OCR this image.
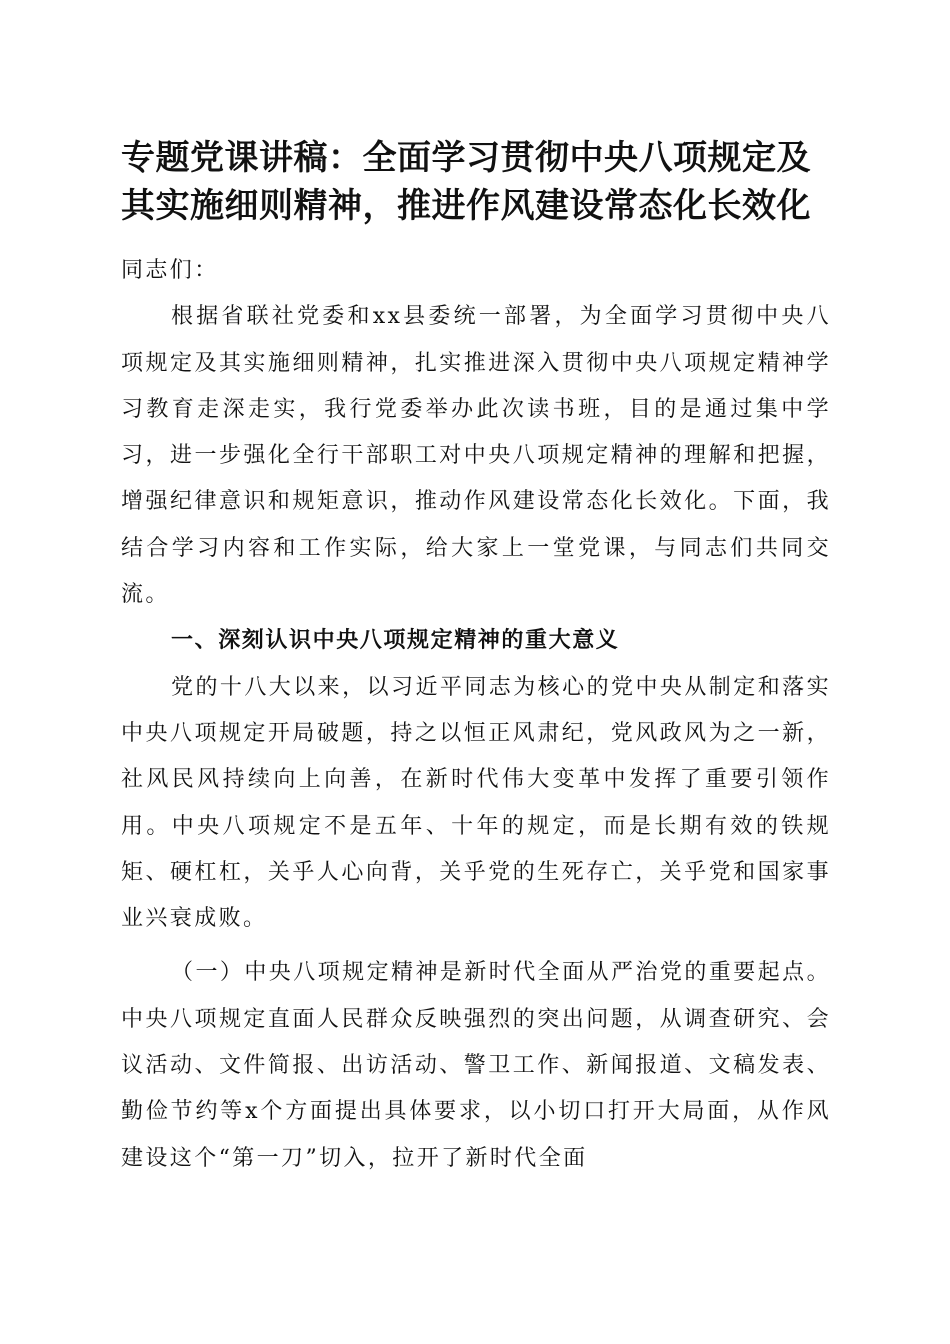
专题党课讲稿：全面学习贯彻中央八项规定及其实施细则精神，推进作风建设常态化长效化

同志们：

根据省联社党委和xx县委统一部署，为全面学习贯彻中央八项规定及其实施细则精神，扎实推进深入贯彻中央八项规定精神学习教育走深走实，我行党委举办此次读书班，目的是通过集中学习，进一步强化全行干部职工对中央八项规定精神的理解和把握，增强纪律意识和规矩意识，推动作风建设常态化长效化。下面，我结合学习内容和工作实际，给大家上一堂党课，与同志们共同交流。

一、深刻认识中央八项规定精神的重大意义

党的十八大以来，以习近平同志为核心的党中央从制定和落实中央八项规定开局破题，持之以恒正风肃纪，党风政风为之一新，社风民风持续向上向善，在新时代伟大变革中发挥了重要引领作用。中央八项规定不是五年、十年的规定，而是长期有效的铁规矩、硬杠杠，关乎人心向背，关乎党的生死存亡，关乎党和国家事业兴衰成败。

（一）中央八项规定精神是新时代全面从严治党的重要起点。中央八项规定直面人民群众反映强烈的突出问题，从调查研究、会议活动、文件简报、出访活动、警卫工作、新闻报道、文稿发表、勤俭节约等x个方面提出具体要求，以小切口打开大局面，从作风建设这个“第一刀”切入，拉开了新时代全面
